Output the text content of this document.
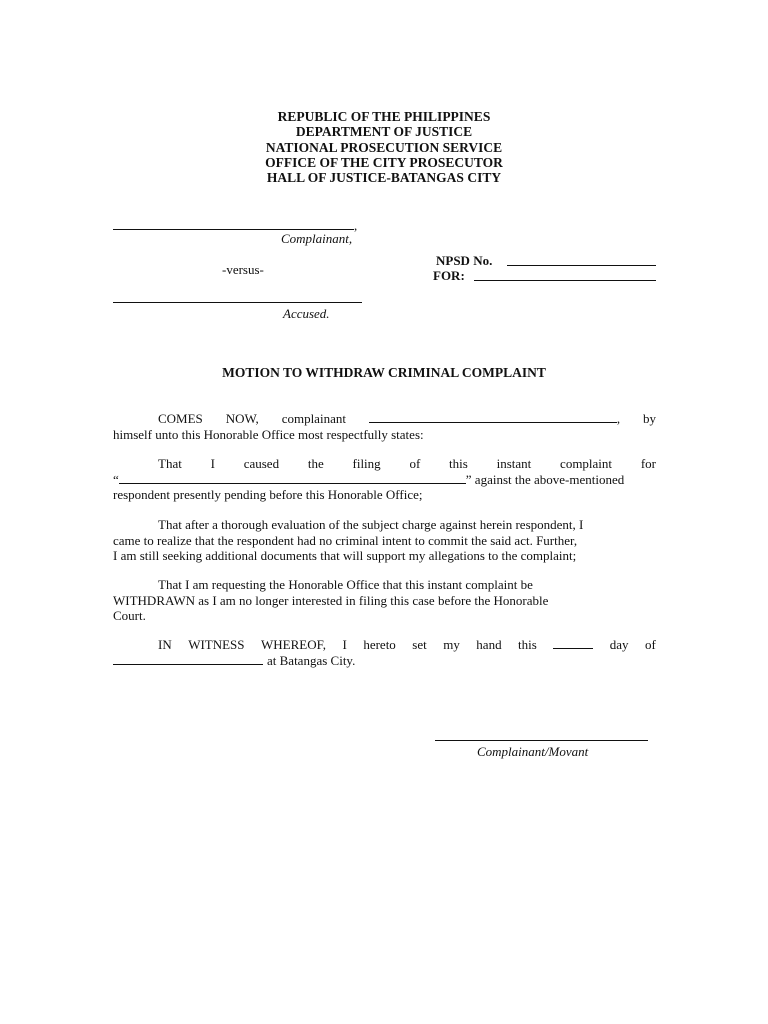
REPUBLIC OF THE PHILIPPINES
DEPARTMENT OF JUSTICE
NATIONAL PROSECUTION SERVICE
OFFICE OF THE CITY PROSECUTOR
HALL OF JUSTICE-BATANGAS CITY
,
Complainant,
-versus-
NPSD No.
FOR:
Accused.
MOTION TO WITHDRAW CRIMINAL COMPLAINT
COMES NOW, complainant	, by
himself unto this Honorable Office most respectfully states:
That I caused the filing of this instant complaint for
“	” against the above-mentioned
respondent presently pending before this Honorable Office;
That after a thorough evaluation of the subject charge against herein respondent, I
came to realize that the respondent had no criminal intent to commit the said act. Further,
I am still seeking additional documents that will support my allegations to the complaint;
That I am requesting the Honorable Office that this instant complaint be
WITHDRAWN as I am no longer interested in filing this case before the Honorable
Court.
IN WITNESS WHEREOF, I hereto set my hand this	day of
at Batangas City.
Complainant/Movant
